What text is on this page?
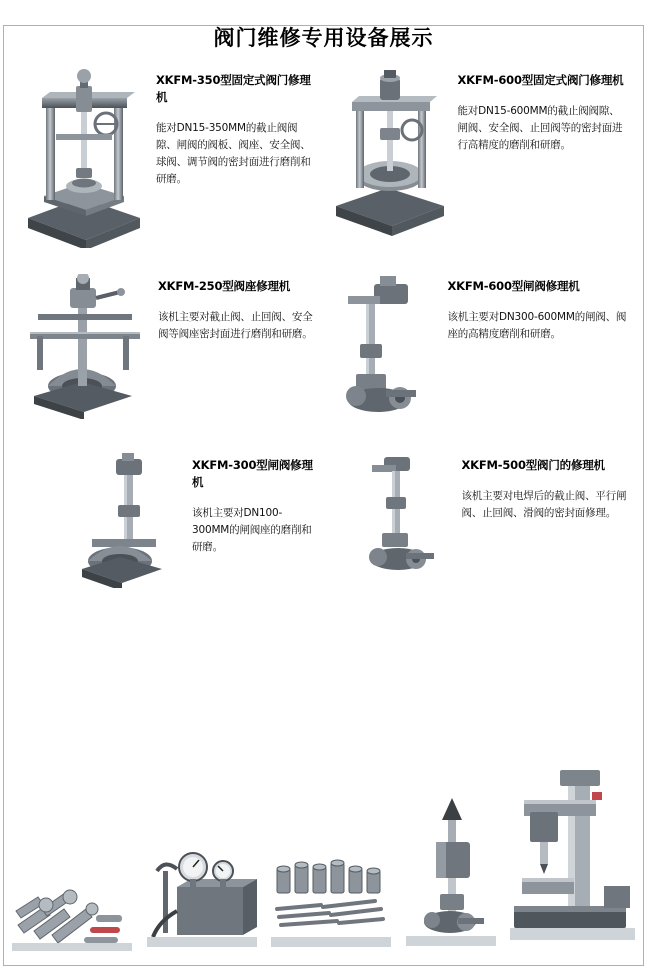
阀门维修专用设备展示
XKFM-350型固定式阀门修理机
能对DN15-350MM的截止阀阀隙、闸阀的阀板、阀座、安全阀、球阀、调节阀的密封面进行磨削和研磨。
XKFM-600型固定式阀门修理机
能对DN15-600MM的截止阀阀隙、闸阀、安全阀、止回阀等的密封面进行高精度的磨削和研磨。
XKFM-250型阀座修理机
该机主要对截止阀、止回阀、安全阀等阀座密封面进行磨削和研磨。
XKFM-600型闸阀修理机
该机主要对DN300-600MM的闸阀、阀座的高精度磨削和研磨。
XKFM-300型闸阀修理机
该机主要对DN100-300MM的闸阀座的磨削和研磨。
XKFM-500型阀门的修理机
该机主要对电焊后的截止阀、平行闸阀、止回阀、滑阀的密封面修理。
